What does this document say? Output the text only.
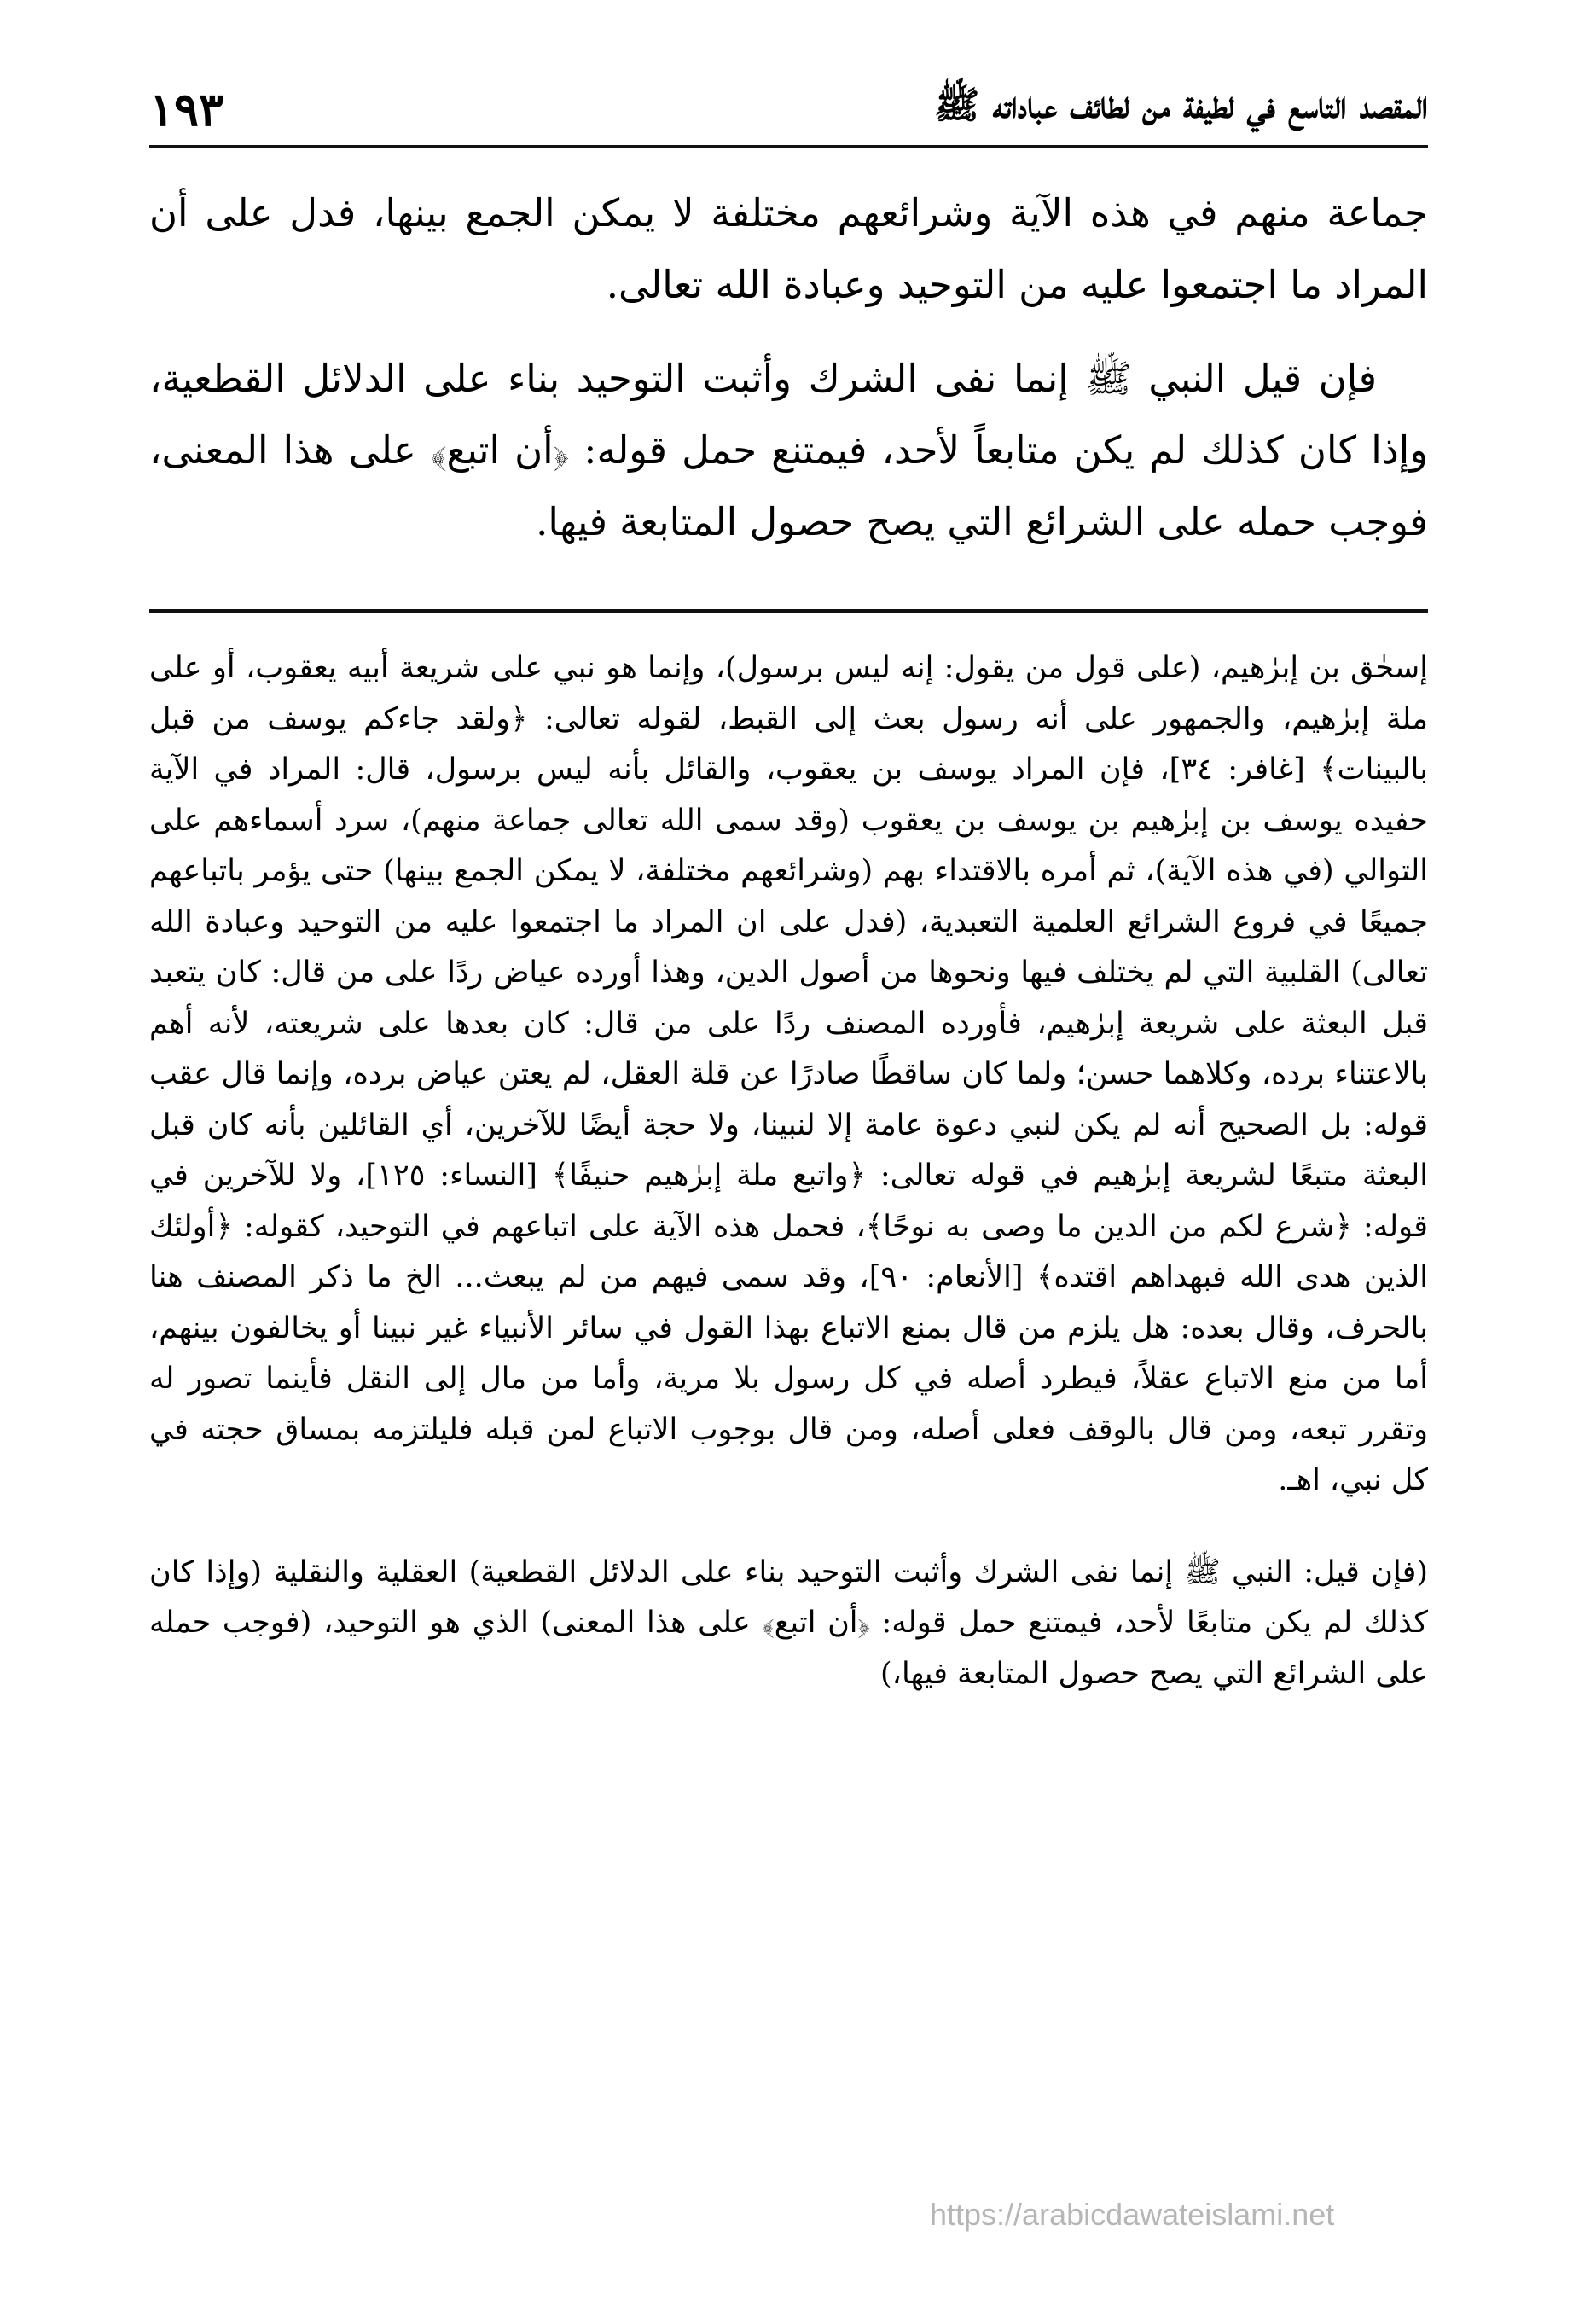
المقصد التاسع في لطيفة من لطائف عباداته ﷺ
١٩٣

جماعة منهم في هذه الآية وشرائعهم مختلفة لا يمكن الجمع بينها، فدل على أن المراد ما اجتمعوا عليه من التوحيد وعبادة الله تعالى.

فإن قيل النبي ﷺ إنما نفى الشرك وأثبت التوحيد بناء على الدلائل القطعية، وإذا كان كذلك لم يكن متابعاً لأحد، فيمتنع حمل قوله: ﴿أن اتبع﴾ على هذا المعنى، فوجب حمله على الشرائع التي يصح حصول المتابعة فيها.

إسحٰق بن إبرٰهيم، (على قول من يقول: إنه ليس برسول)، وإنما هو نبي على شريعة أبيه يعقوب، أو على ملة إبرٰهيم، والجمهور على أنه رسول بعث إلى القبط، لقوله تعالى: ﴿ولقد جاءكم يوسف من قبل بالبينات﴾ [غافر: ٣٤]، فإن المراد يوسف بن يعقوب، والقائل بأنه ليس برسول، قال: المراد في الآية حفيده يوسف بن إبرٰهيم بن يوسف بن يعقوب (وقد سمى الله تعالى جماعة منهم)، سرد أسماءهم على التوالي (في هذه الآية)، ثم أمره بالاقتداء بهم (وشرائعهم مختلفة، لا يمكن الجمع بينها) حتى يؤمر باتباعهم جميعًا في فروع الشرائع العلمية التعبدية، (فدل على ان المراد ما اجتمعوا عليه من التوحيد وعبادة الله تعالى) القلبية التي لم يختلف فيها ونحوها من أصول الدين، وهذا أورده عياض ردًا على من قال: كان يتعبد قبل البعثة على شريعة إبرٰهيم، فأورده المصنف ردًا على من قال: كان بعدها على شريعته، لأنه أهم بالاعتناء برده، وكلاهما حسن؛ ولما كان ساقطًا صادرًا عن قلة العقل، لم يعتن عياض برده، وإنما قال عقب قوله: بل الصحيح أنه لم يكن لنبي دعوة عامة إلا لنبينا، ولا حجة أيضًا للآخرين، أي القائلين بأنه كان قبل البعثة متبعًا لشريعة إبرٰهيم في قوله تعالى: ﴿واتبع ملة إبرٰهيم حنيفًا﴾ [النساء: ١٢٥]، ولا للآخرين في قوله: ﴿شرع لكم من الدين ما وصى به نوحًا﴾، فحمل هذه الآية على اتباعهم في التوحيد، كقوله: ﴿أولئك الذين هدى الله فبهداهم اقتده﴾ [الأنعام: ٩٠]، وقد سمى فيهم من لم يبعث... الخ ما ذكر المصنف هنا بالحرف، وقال بعده: هل يلزم من قال بمنع الاتباع بهذا القول في سائر الأنبياء غير نبينا أو يخالفون بينهم، أما من منع الاتباع عقلاً، فيطرد أصله في كل رسول بلا مرية، وأما من مال إلى النقل فأينما تصور له وتقرر تبعه، ومن قال بالوقف فعلى أصله، ومن قال بوجوب الاتباع لمن قبله فليلتزمه بمساق حجته في كل نبي، اهـ.

(فإن قيل: النبي ﷺ إنما نفى الشرك وأثبت التوحيد بناء على الدلائل القطعية) العقلية والنقلية (وإذا كان كذلك لم يكن متابعًا لأحد، فيمتنع حمل قوله: ﴿أن اتبع﴾ على هذا المعنى) الذي هو التوحيد، (فوجب حمله على الشرائع التي يصح حصول المتابعة فيها،)

https://arabicdawateislami.net
